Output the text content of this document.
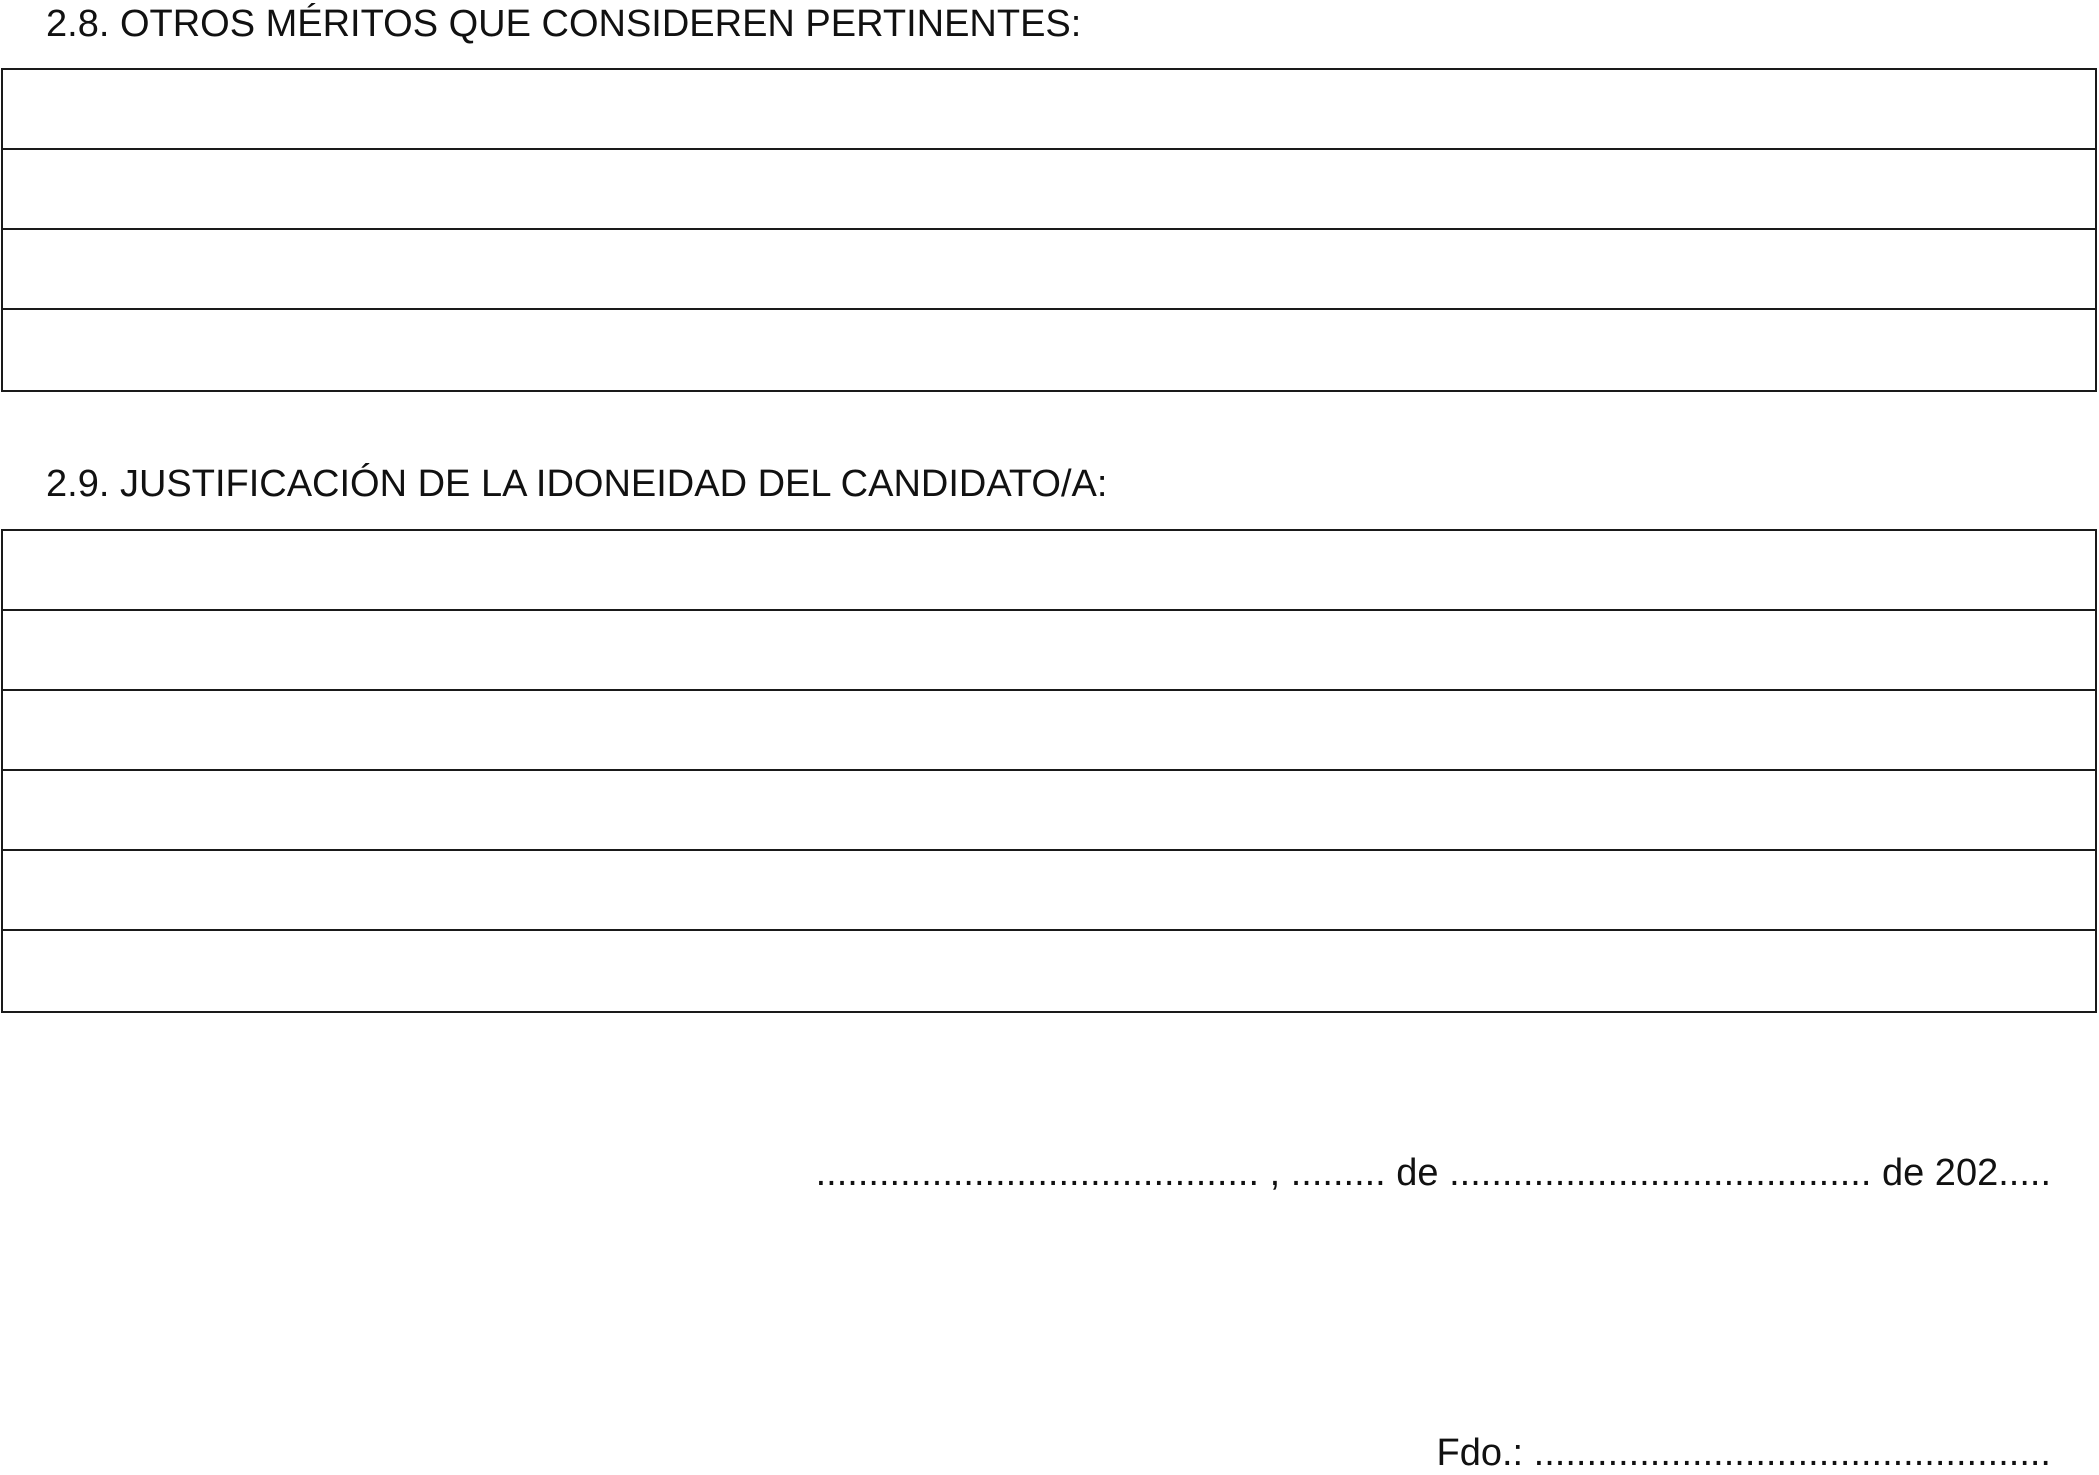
2.8. OTROS MÉRITOS QUE CONSIDEREN PERTINENTES:
2.9. JUSTIFICACIÓN DE LA IDONEIDAD DEL CANDIDATO/A:
.......................................... , ......... de ........................................ de 202.....
Fdo.: .................................................
